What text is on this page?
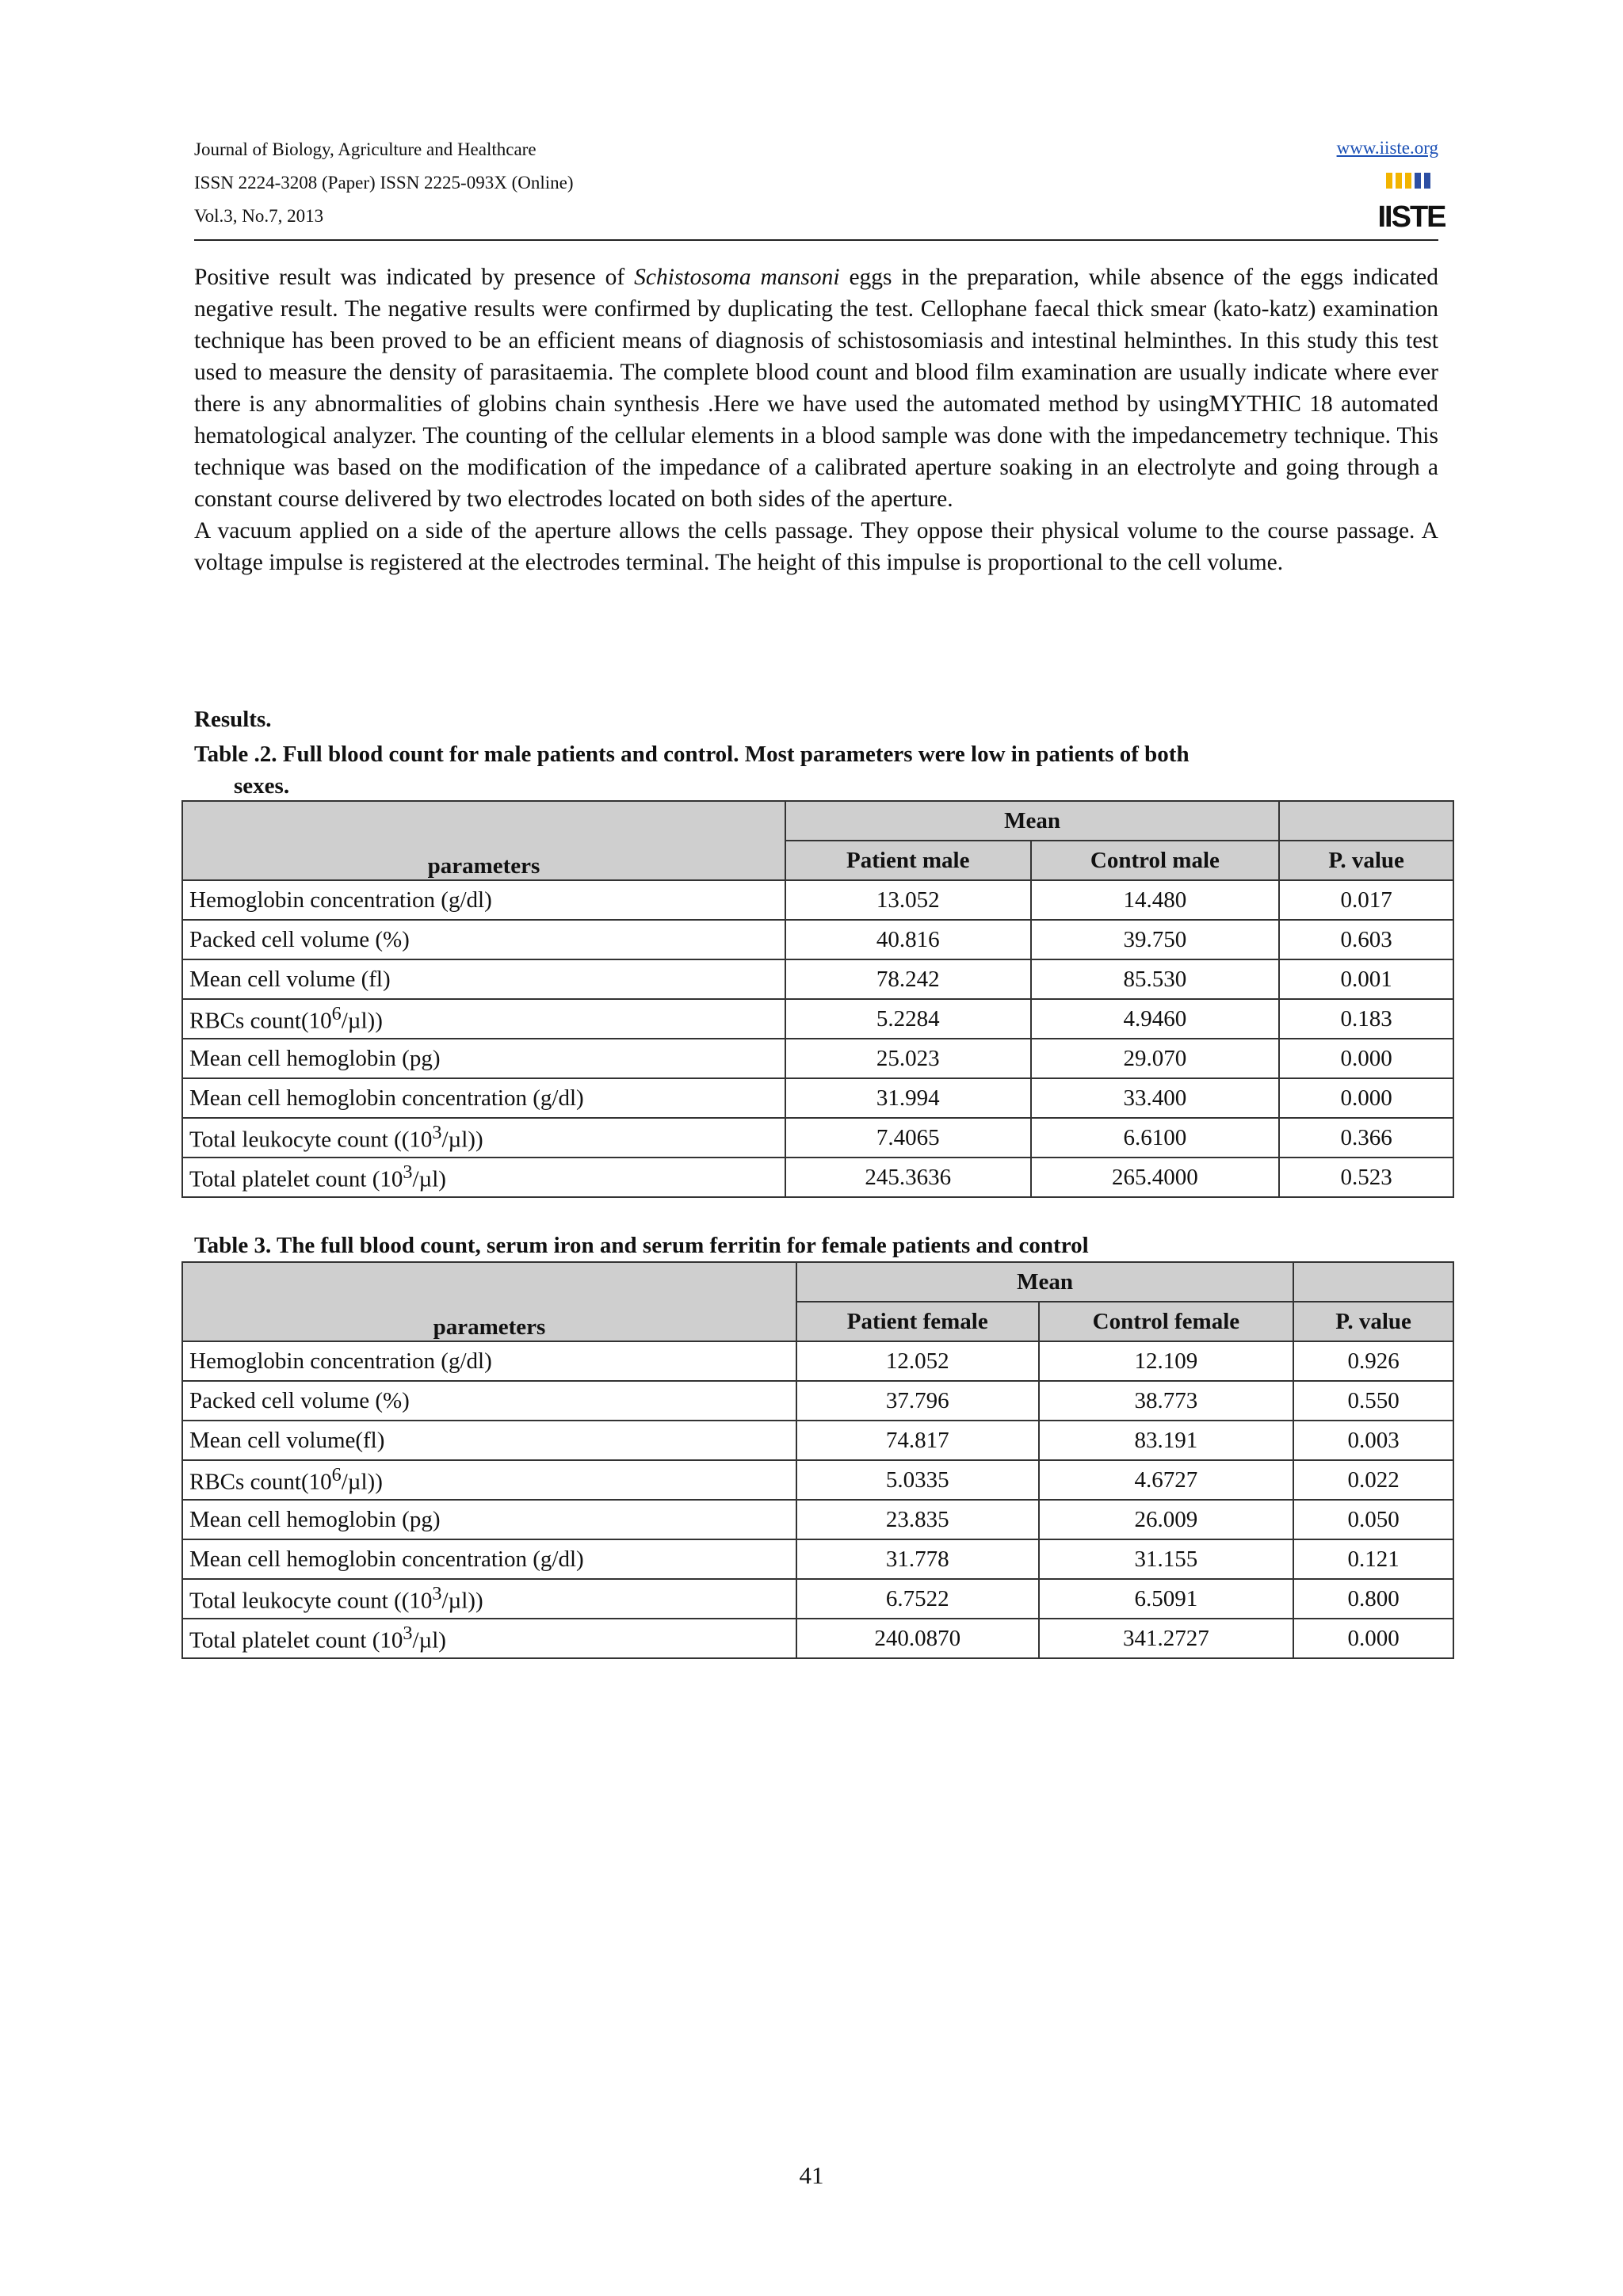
Journal of Biology, Agriculture and Healthcare
ISSN 2224-3208 (Paper) ISSN 2225-093X (Online)
Vol.3, No.7, 2013
www.iiste.org
IISTE

Positive result was indicated by presence of Schistosoma mansoni eggs in the preparation, while absence of the eggs indicated negative result. The negative results were confirmed by duplicating the test. Cellophane faecal thick smear (kato-katz) examination technique has been proved to be an efficient means of diagnosis of schistosomiasis and intestinal helminthes. In this study this test used to measure the density of parasitaemia. The complete blood count and blood film examination are usually indicate where ever there is any abnormalities of globins chain synthesis .Here we have used the automated method by usingMYTHIC 18 automated hematological analyzer. The counting of the cellular elements in a blood sample was done with the impedancemetry technique. This technique was based on the modification of the impedance of a calibrated aperture soaking in an electrolyte and going through a constant course delivered by two electrodes located on both sides of the aperture.

A vacuum applied on a side of the aperture allows the cells passage. They oppose their physical volume to the course passage. A voltage impulse is registered at the electrodes terminal. The height of this impulse is proportional to the cell volume.

Results.
Table .2. Full blood count for male patients and control. Most parameters were low in patients of both
sexes.
parameters	Mean		
	Patient male	Control male	P. value
Hemoglobin concentration (g/dl)	13.052	14.480	0.017
Packed cell volume (%)	40.816	39.750	0.603
Mean cell volume (fl)	78.242	85.530	0.001
RBCs $count(10^6/\mu l)$)	5.2284	4.9460	0.183
Mean cell hemoglobin (pg)	25.023	29.070	0.000
Mean cell hemoglobin concentration (g/dl)	31.994	33.400	0.000
Total leukocyte count $((10^3/\mu l))$	7.4065	6.6100	0.366
Total platelet count $(10^3/\mu l)$	245.3636	265.4000	0.523
Table 3. The full blood count, serum iron and serum ferritin for female patients and control
parameters	Mean		
	Patient female	Control female	P. value
Hemoglobin concentration (g/dl)	12.052	12.109	0.926
Packed cell volume (%)	37.796	38.773	0.550
Mean cell volume(fl)	74.817	83.191	0.003
RBCs $count(10^6/\mu l)$)	5.0335	4.6727	0.022
Mean cell hemoglobin (pg)	23.835	26.009	0.050
Mean cell hemoglobin concentration (g/dl)	31.778	31.155	0.121
Total leukocyte count $((10^3/\mu l))$	6.7522	6.5091	0.800
Total platelet count $(10^3/\mu l)$	240.0870	341.2727	0.000
41
